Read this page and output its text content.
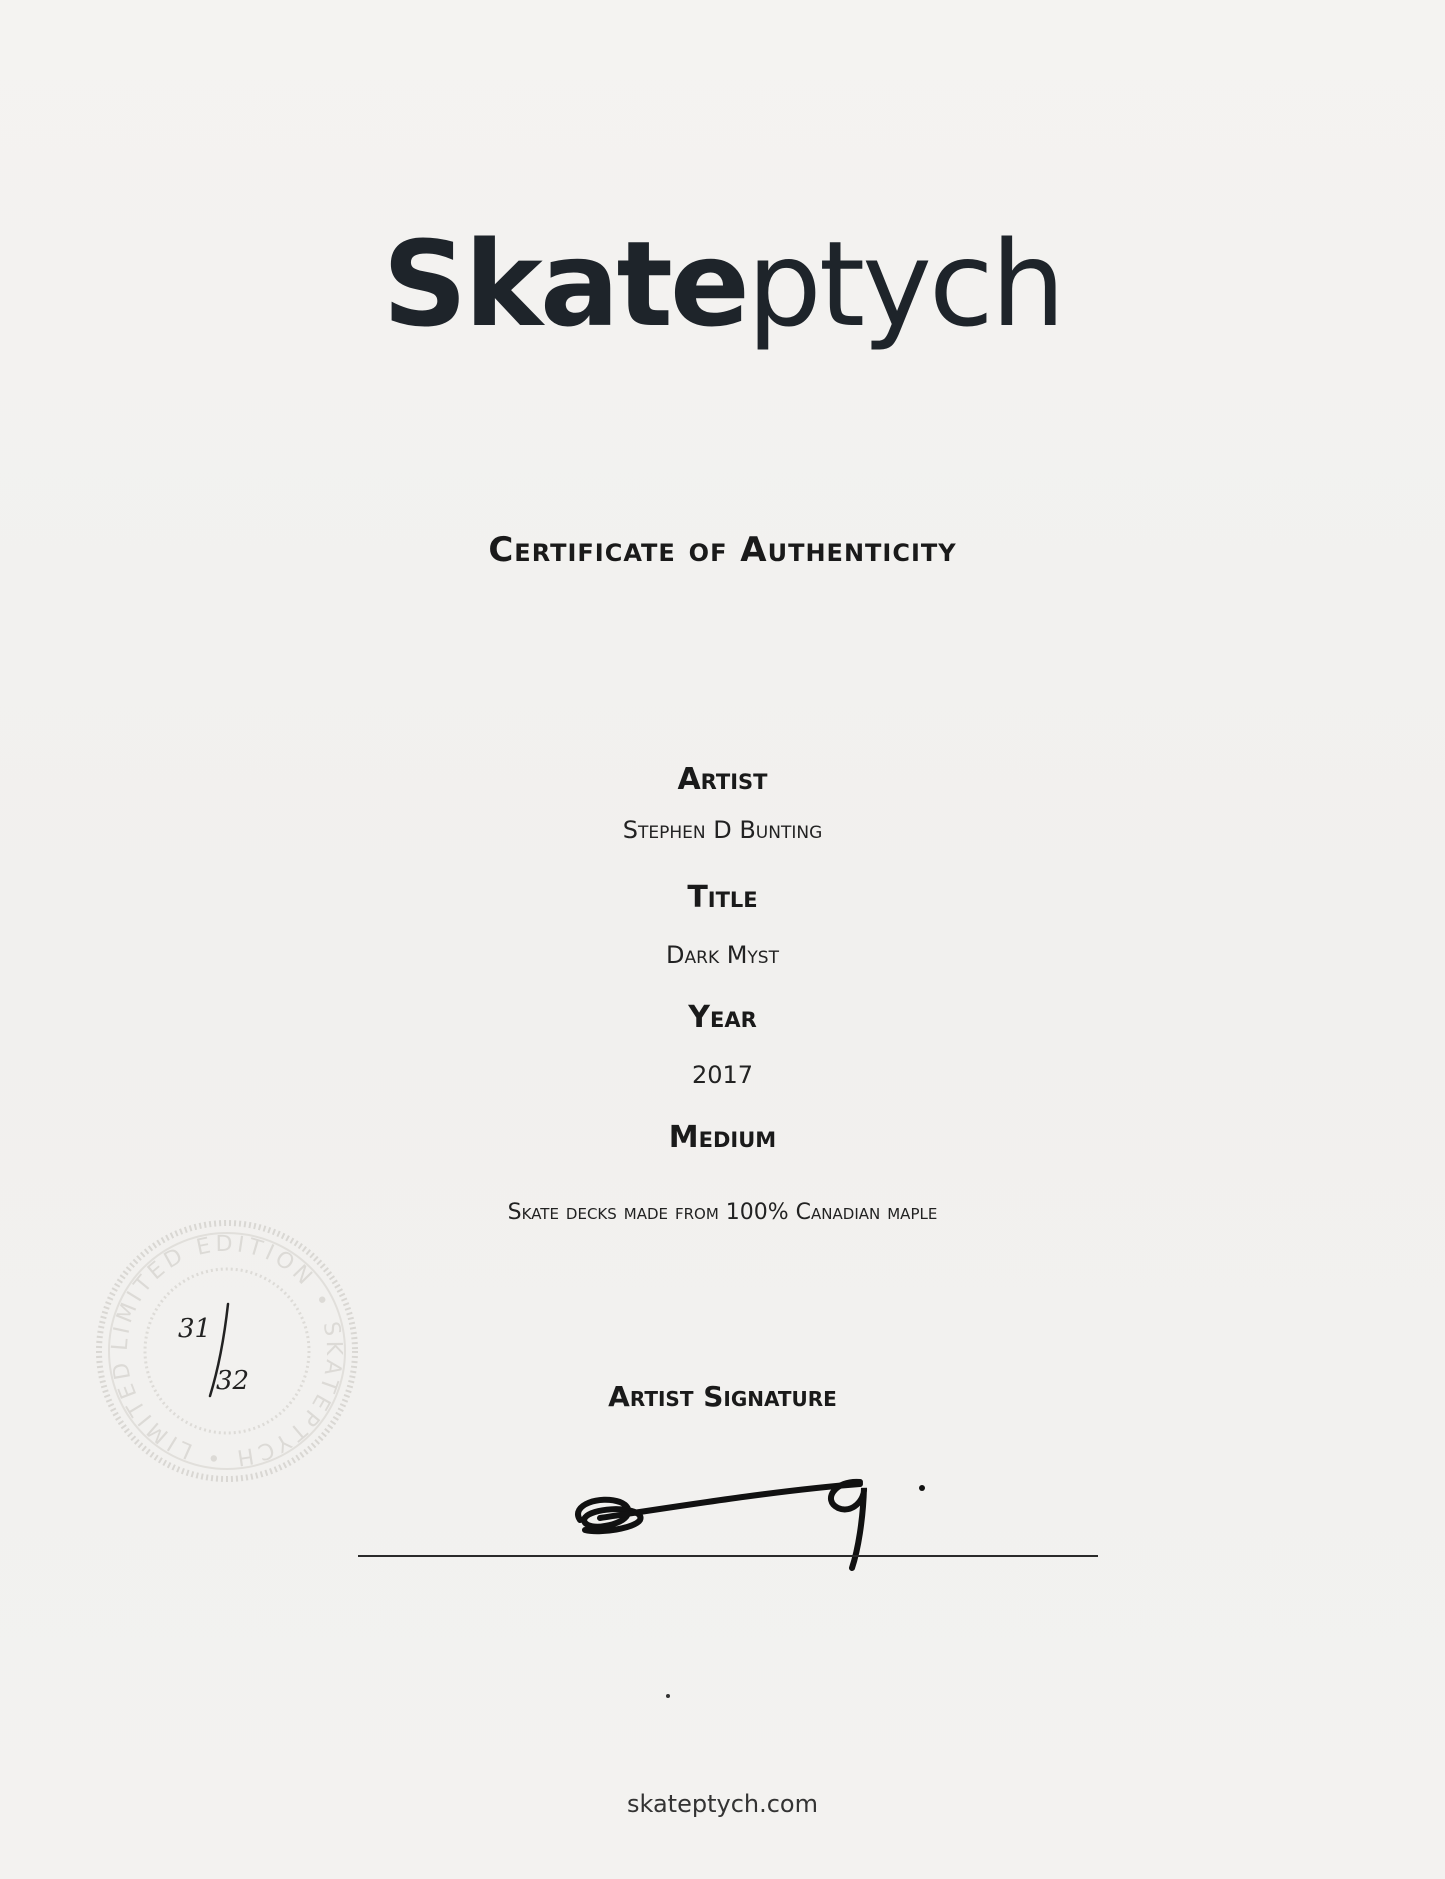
Skateptych
Certificate of Authenticity
Artist
Stephen D Bunting
Title
Dark Myst
Year
2017
Medium
Skate decks made from 100% Canadian maple
Artist Signature
LIMITED EDITION • SKATEPTYCH • LIMITED
31
32
skateptych.com
